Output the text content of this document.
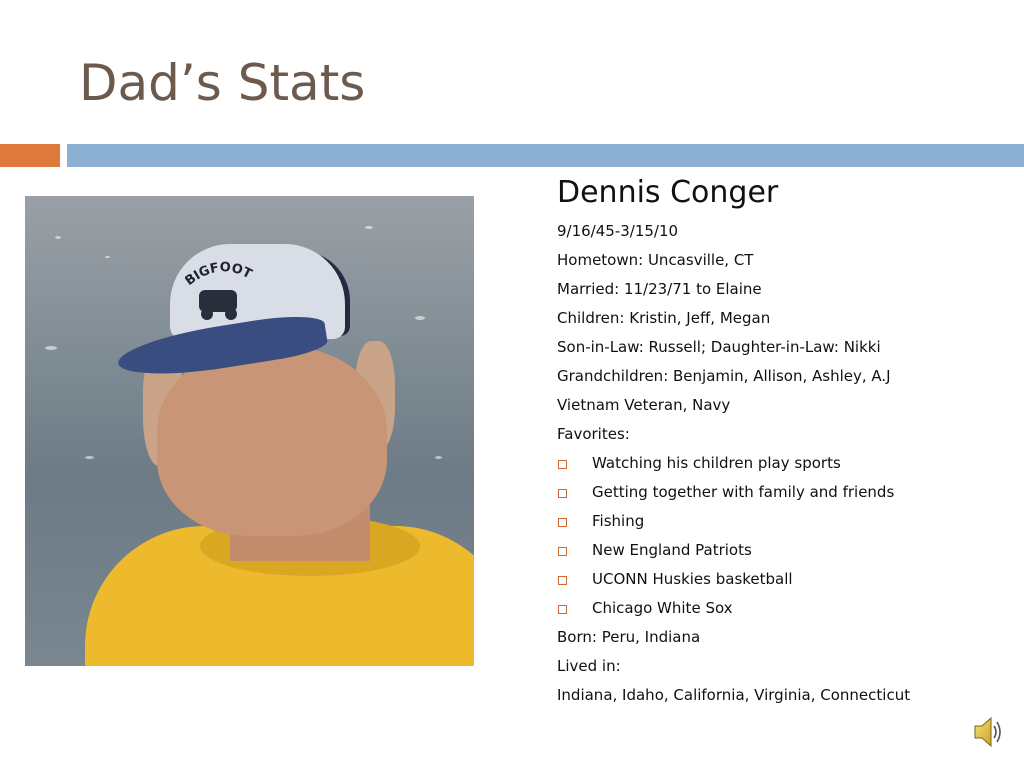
Dad’s Stats
IGFOOT

Dennis Conger

9/16/45-3/15/10

Hometown: Uncasville, CT

Married: 11/23/71 to Elaine

Children: Kristin, Jeff, Megan

Son-in-Law: Russell; Daughter-in-Law: Nikki

Grandchildren: Benjamin, Allison, Ashley, A.J

Vietnam Veteran, Navy

Favorites:

Watching his children play sports
Getting together with family and friends
Fishing
New England Patriots
UCONN Huskies basketball
Chicago White Sox

Born: Peru, Indiana

Lived in:

Indiana, Idaho, California, Virginia, Connecticut
